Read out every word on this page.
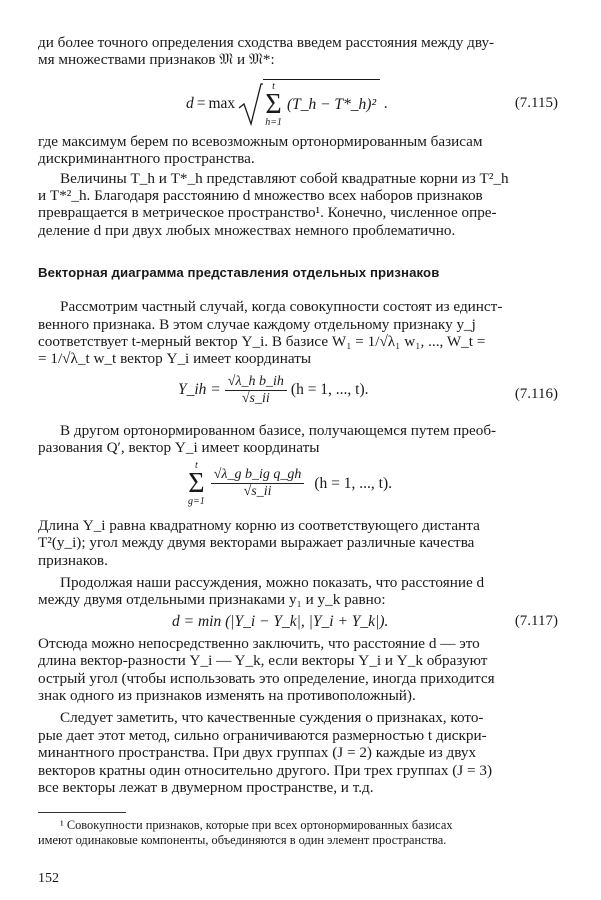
ди более точного определения сходства введем расстояния между дву-

мя множествами признаков 𝔐 и 𝔐*:

d = max
t
Σ
h=1
(T_h − T*_h)² .	(7.115)

где максимум берем по всевозможным ортонормированным базисам

дискриминантного пространства.

Величины T_h и T*_h представляют собой квадратные корни из T²_h

и T*²_h. Благодаря расстоянию d множество всех наборов признаков

превращается в метрическое пространство¹. Конечно, численное опре-

деление d при двух любых множествах немного проблематично.

Векторная диаграмма представления отдельных признаков

Рассмотрим частный случай, когда совокупности состоят из единст-

венного признака. В этом случае каждому отдельному признаку y_j

соответствует t-мерный вектор Y_i. В базисе W₁ = 1/√λ₁ w₁, ..., W_t =

= 1/√λ_t w_t вектор Y_i имеет координаты

Y_ih = $\frac{\text{√λ\_h b\_ih}}{√s\_ii} (h = 1$, ..., t).	(7.116)

В другом ортонормированном базисе, получающемся путем преоб-

разования Q′, вектор Y_i имеет координаты

t
Σ
g=1
$\frac{\text{√λ\_g b\_ig q\_gh}}{√s\_ii} (h = 1$, ..., t).

Длина Y_i равна квадратному корню из соответствующего дистанта

T²(y_i); угол между двумя векторами выражает различные качества

признаков.

Продолжая наши рассуждения, можно показать, что расстояние d

между двумя отдельными признаками y₁ и y_k равно:

d = min (|Y_i − Y_k|, |Y_i + Y_k|).	(7.117)

Отсюда можно непосредственно заключить, что расстояние d — это

длина вектор-разности Y_i — Y_k, если векторы Y_i и Y_k образуют

острый угол (чтобы использовать это определение, иногда приходится

знак одного из признаков изменять на противоположный).

Следует заметить, что качественные суждения о признаках, кото-

рые дает этот метод, сильно ограничиваются размерностью t дискри-

минантного пространства. При двух группах (J = 2) каждые из двух

векторов кратны один относительно другого. При трех группах (J = 3)

все векторы лежат в двумерном пространстве, и т.д.

¹ Совокупности признаков, которые при всех ортонормированных базисах

имеют одинаковые компоненты, объединяются в один элемент пространства.

152
